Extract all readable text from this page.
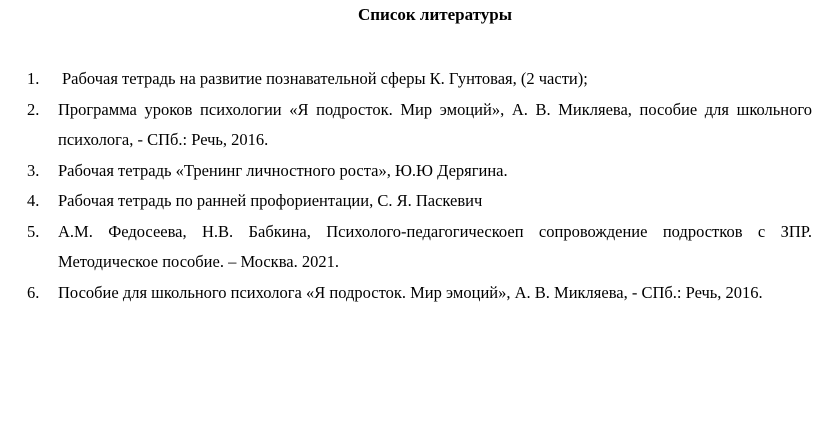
Список литературы
1. Рабочая тетрадь на развитие познавательной сферы К. Гунтовая, (2 части);
2. Программа уроков психологии «Я подросток. Мир эмоций», А. В. Микляева, пособие для школьного психолога, - СПб.: Речь, 2016.
3. Рабочая тетрадь «Тренинг личностного роста», Ю.Ю Дерягина.
4. Рабочая тетрадь по ранней профориентации, С. Я. Паскевич
5. А.М. Федосеева, Н.В. Бабкина, Психолого-педагогическоеп сопровождение подростков с ЗПР. Методическое пособие. – Москва. 2021.
6. Пособие для школьного психолога «Я подросток. Мир эмоций», А. В. Микляева, - СПб.: Речь, 2016.
